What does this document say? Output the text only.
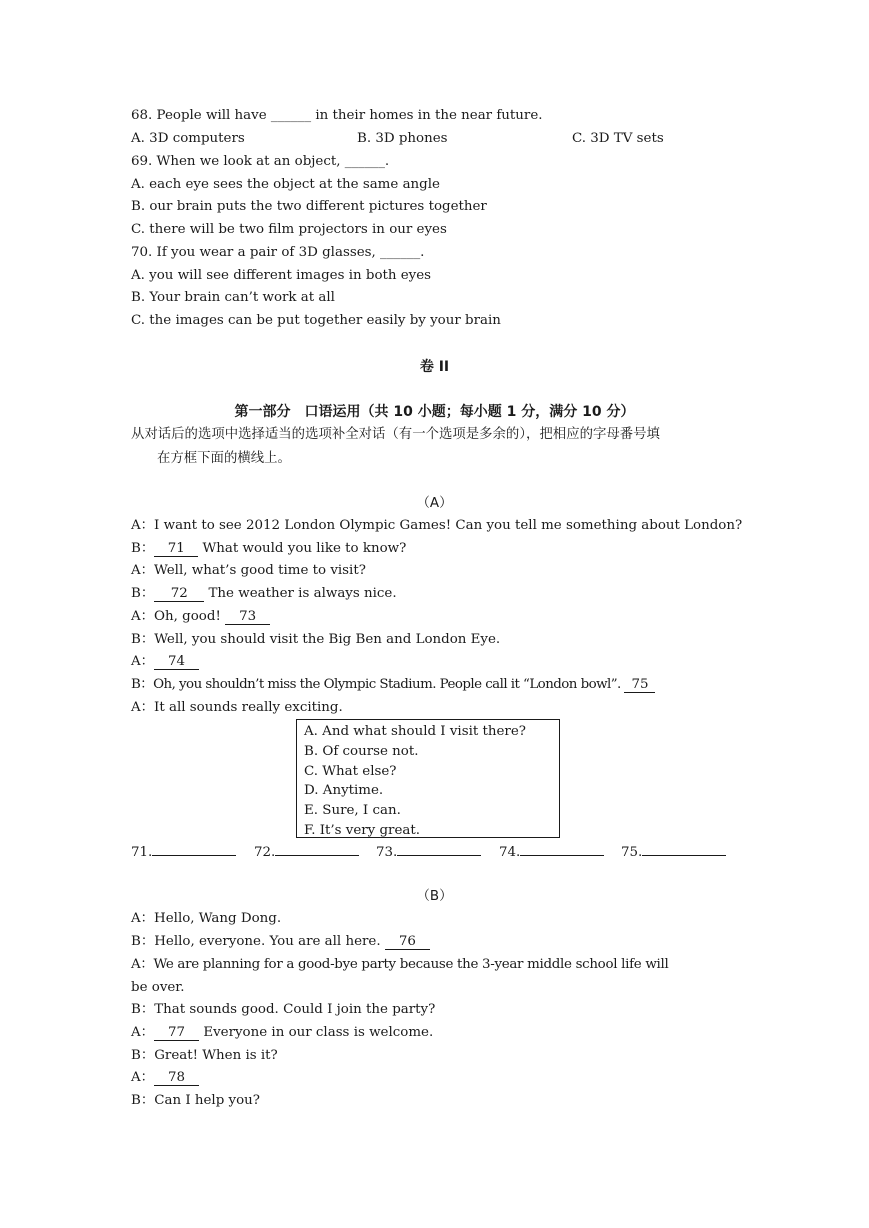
68. People will have ______ in their homes in the near future.
A. 3D computers	B. 3D phones	C. 3D TV sets
69. When we look at an object, ______.
A. each eye sees the object at the same angle
B. our brain puts the two different pictures together
C. there will be two film projectors in our eyes
70. If you wear a pair of 3D glasses, ______.
A. you will see different images in both eyes
B. Your brain can’t work at all
C. the images can be put together easily by your brain
卷 II
第一部分　口语运用（共 10 小题；每小题 1 分，满分 10 分）
从对话后的选项中选择适当的选项补全对话（有一个选项是多余的），把相应的字母番号填
在方框下面的横线上。
（A）
A：I want to see 2012 London Olympic Games! Can you tell me something about London?
B： 71 What would you like to know?
A：Well, what’s good time to visit?
B： 72 The weather is always nice.
A：Oh, good! 73
B：Well, you should visit the Big Ben and London Eye.
A： 74
B：Oh, you shouldn’t miss the Olympic Stadium. People call it “London bowl”. 75
A：It all sounds really exciting.
A. And what should I visit there?
B. Of course not.
C. What else?
D. Anytime.
E. Sure, I can.
F. It’s very great.
71.	72.	73.	74.	75.
（B）
A：Hello, Wang Dong.
B：Hello, everyone. You are all here. 76
A：We are planning for a good-bye party because the 3-year middle school life will
be over.
B：That sounds good. Could I join the party?
A： 77 Everyone in our class is welcome.
B：Great! When is it?
A： 78
B：Can I help you?
